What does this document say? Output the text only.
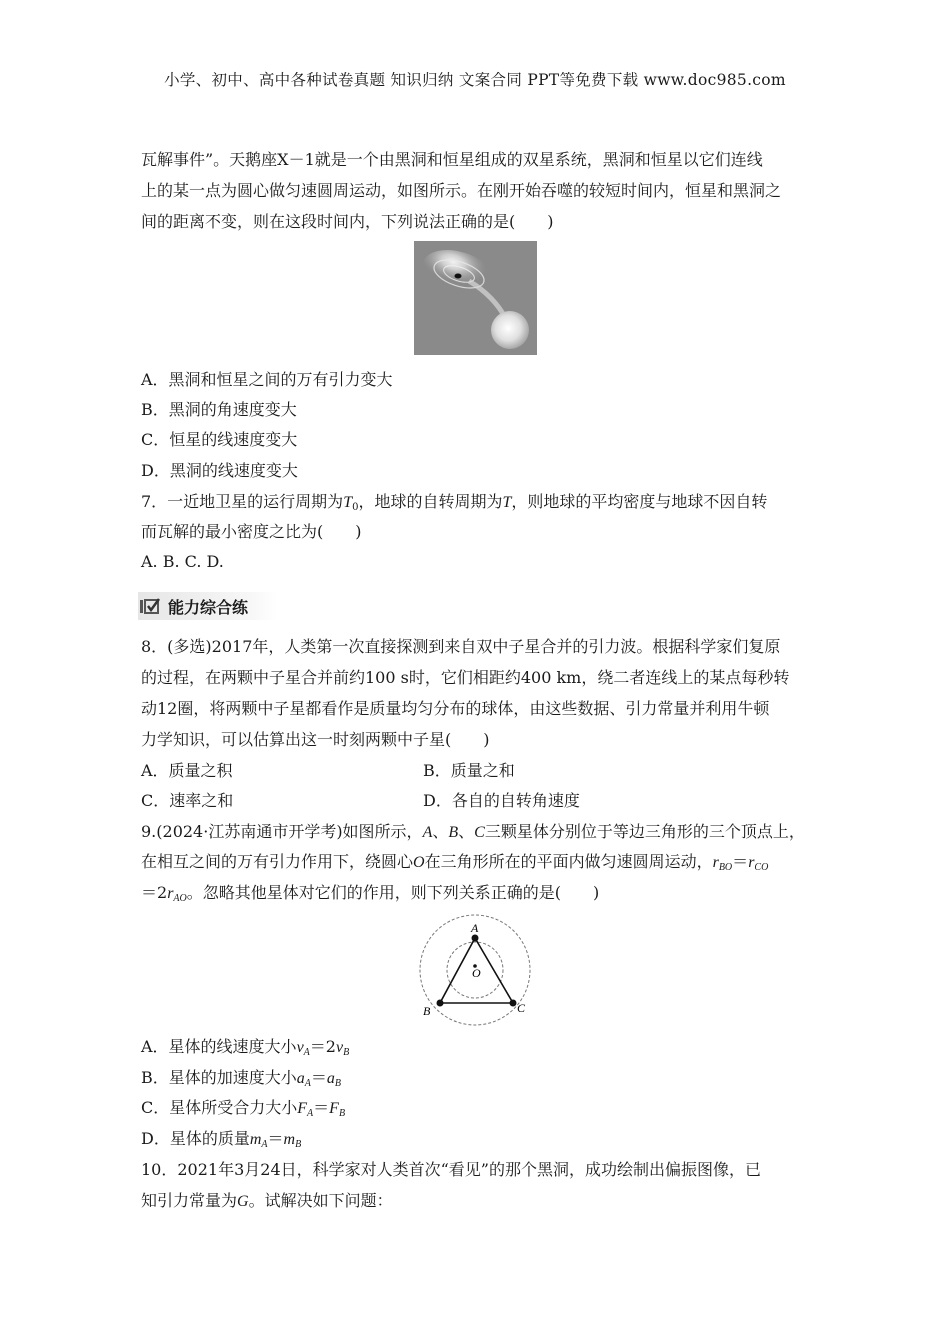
小学、初中、高中各种试卷真题 知识归纳 文案合同 PPT等免费下载 www.doc985.com
瓦解事件”。天鹅座X－1就是一个由黑洞和恒星组成的双星系统，黑洞和恒星以它们连线
上的某一点为圆心做匀速圆周运动，如图所示。在刚开始吞噬的较短时间内，恒星和黑洞之
间的距离不变，则在这段时间内，下列说法正确的是(　　)
A．黑洞和恒星之间的万有引力变大
B．黑洞的角速度变大
C．恒星的线速度变大
D．黑洞的线速度变大
7．一近地卫星的运行周期为$T_0$，地球的自转周期为T，则地球的平均密度与地球不因自转
而瓦解的最小密度之比为(　　)
A. B. C. D.
能力综合练
8．(多选)2017年，人类第一次直接探测到来自双中子星合并的引力波。根据科学家们复原
的过程，在两颗中子星合并前约100 s时，它们相距约400 km，绕二者连线上的某点每秒转
动12圈，将两颗中子星都看作是质量均匀分布的球体，由这些数据、引力常量并利用牛顿
力学知识，可以估算出这一时刻两颗中子星(　　)
A．质量之积	B．质量之和
C．速率之和	D．各自的自转角速度
9.(2024·江苏南通市开学考)如图所示，A、B、C三颗星体分别位于等边三角形的三个顶点上，
在相互之间的万有引力作用下，绕圆心O在三角形所在的平面内做匀速圆周运动，$r_{BO}=r_{CO}$
$=2r_{AO}$。忽略其他星体对它们的作用，则下列关系正确的是(　　)
A
O
B	C
A．星体的线速度大小$v_A=2v_B$
B．星体的加速度大小$a_A=a_B$
C．星体所受合力大小$F_A=F_B$
D．星体的质量$m_A=m_B$
10．2021年3月24日，科学家对人类首次“看见”的那个黑洞，成功绘制出偏振图像，已
知引力常量为G。试解决如下问题：
